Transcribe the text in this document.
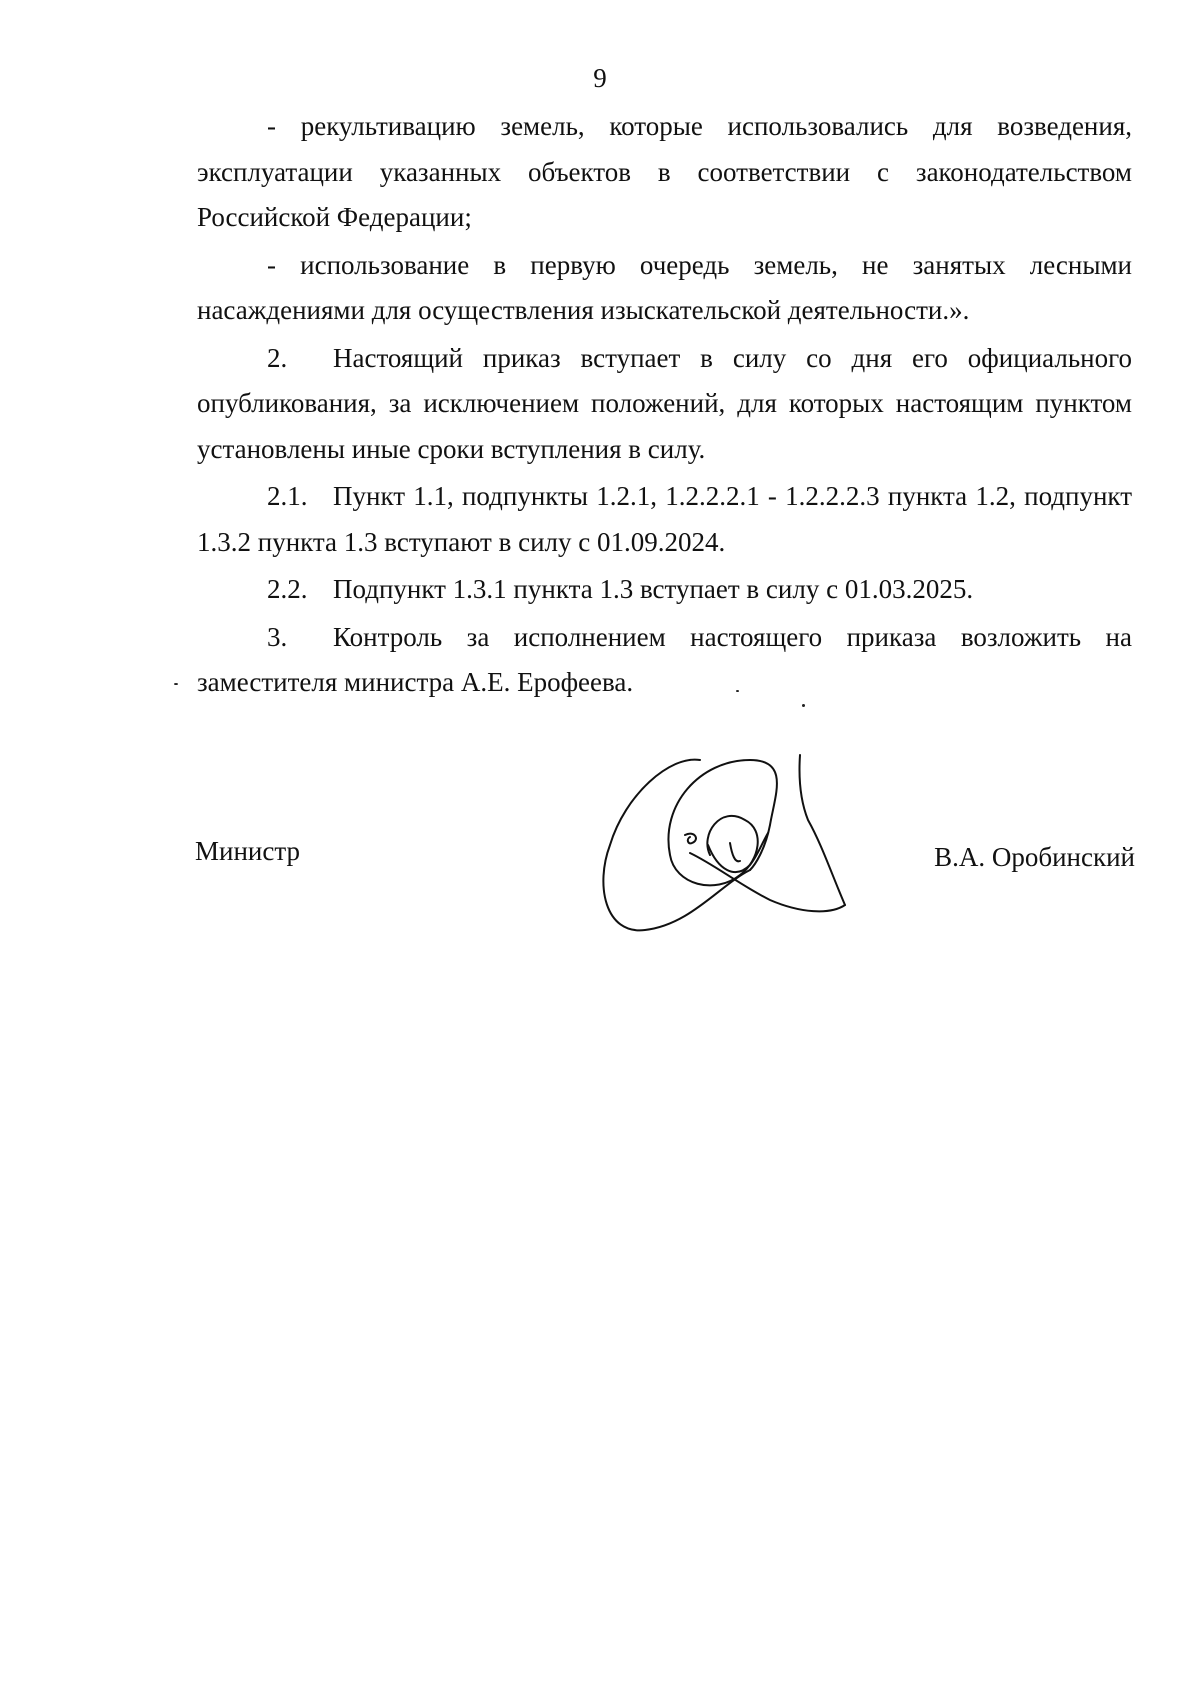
9

- рекультивацию земель, которые использовались для возведения, эксплуатации указанных объектов в соответствии с законодательством Российской Федерации;

- использование в первую очередь земель, не занятых лесными насаждениями для осуществления изыскательской деятельности.».

2. Настоящий приказ вступает в силу со дня его официального опубликования, за исключением положений, для которых настоящим пунктом установлены иные сроки вступления в силу.

2.1. Пункт 1.1, подпункты 1.2.1, 1.2.2.2.1 - 1.2.2.2.3 пункта 1.2, подпункт 1.3.2 пункта 1.3 вступают в силу с 01.09.2024.

2.2. Подпункт 1.3.1 пункта 1.3 вступает в силу с 01.03.2025.

3. Контроль за исполнением настоящего приказа возложить на заместителя министра А.Е. Ерофеева.

Министр	В.А. Оробинский
